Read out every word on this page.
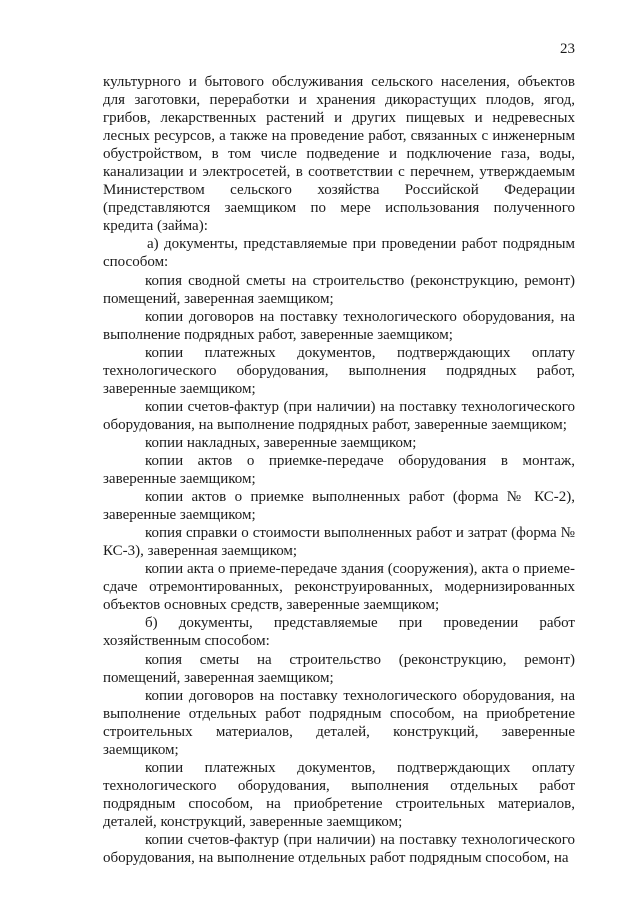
23

культурного и бытового обслуживания сельского населения, объектов для заготовки, переработки и хранения дикорастущих плодов, ягод, грибов, лекарственных растений и других пищевых и недревесных лесных ресурсов, а также на проведение работ, связанных с инженерным обустройством, в том числе подведение и подключение газа, воды, канализации и электросетей, в соответствии с перечнем, утверждаемым Министерством сельского хозяйства Российской Федерации (представляются заемщиком по мере использования полученного кредита (займа):

а) документы, представляемые при проведении работ подрядным способом:

копия сводной сметы на строительство (реконструкцию, ремонт) помещений, заверенная заемщиком;

копии договоров на поставку технологического оборудования, на выполнение подрядных работ, заверенные заемщиком;

копии платежных документов, подтверждающих оплату технологического оборудования, выполнения подрядных работ, заверенные заемщиком;

копии счетов-фактур (при наличии) на поставку технологического оборудования, на выполнение подрядных работ, заверенные заемщиком;

копии накладных, заверенные заемщиком;

копии актов о приемке-передаче оборудования в монтаж, заверенные заемщиком;

копии актов о приемке выполненных работ (форма № КС-2), заверенные заемщиком;

копия справки о стоимости выполненных работ и затрат (форма № КС-3), заверенная заемщиком;

копии акта о приеме-передаче здания (сооружения), акта о приеме-сдаче отремонтированных, реконструированных, модернизированных объектов основных средств, заверенные заемщиком;

б) документы, представляемые при проведении работ хозяйственным способом:

копия сметы на строительство (реконструкцию, ремонт) помещений, заверенная заемщиком;

копии договоров на поставку технологического оборудования, на выполнение отдельных работ подрядным способом, на приобретение строительных материалов, деталей, конструкций, заверенные заемщиком;

копии платежных документов, подтверждающих оплату технологического оборудования, выполнения отдельных работ подрядным способом, на приобретение строительных материалов, деталей, конструкций, заверенные заемщиком;

копии счетов-фактур (при наличии) на поставку технологического оборудования, на выполнение отдельных работ подрядным способом, на
